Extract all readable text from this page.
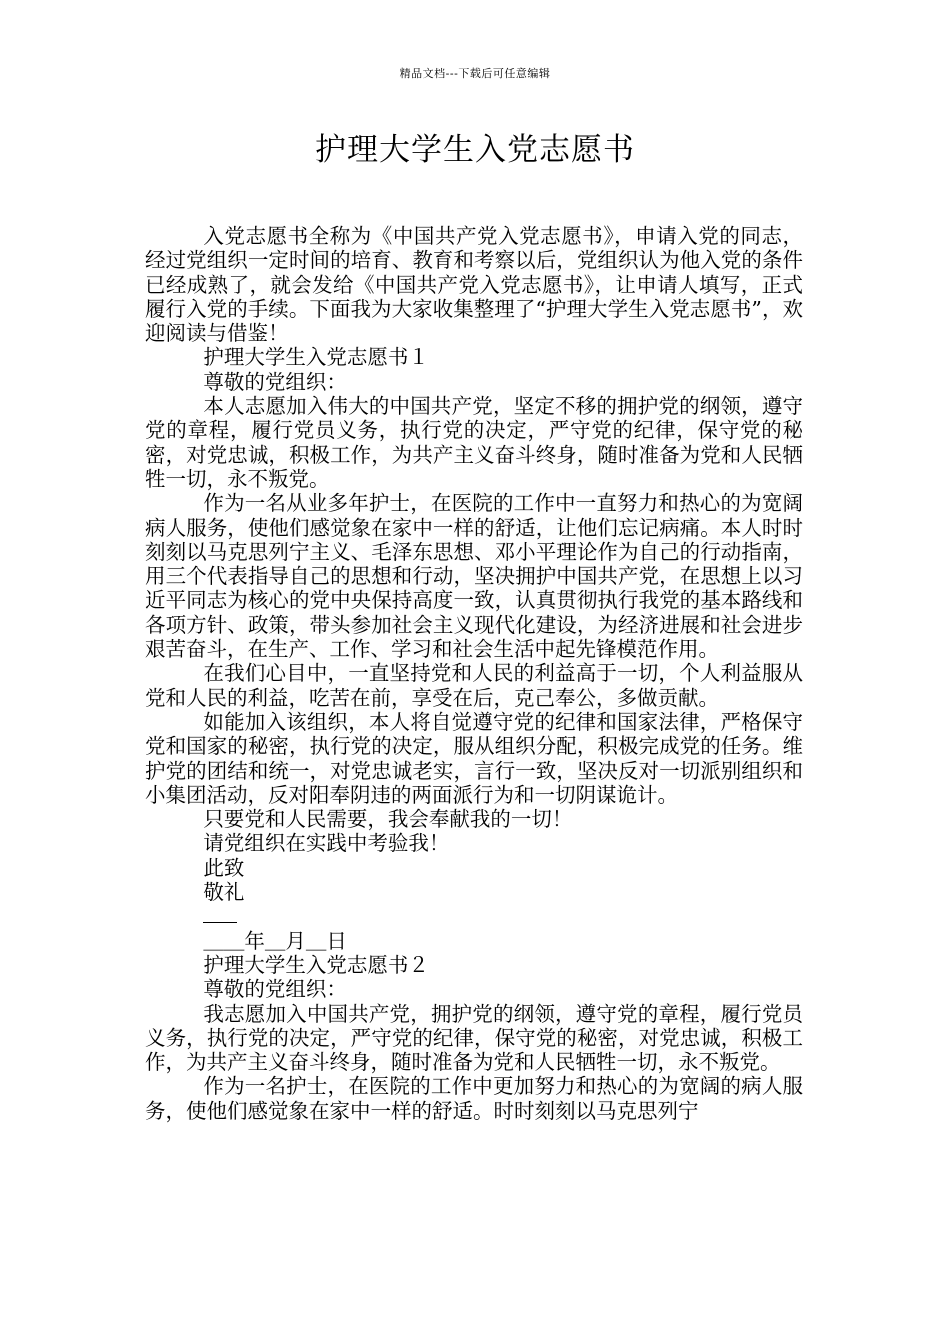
精品文档---下载后可任意编辑
护理大学生入党志愿书

入党志愿书全称为《中国共产党入党志愿书》，申请入党的同志，经过党组织一定时间的培育、教育和考察以后，党组织认为他入党的条件已经成熟了，就会发给《中国共产党入党志愿书》，让申请人填写，正式履行入党的手续。下面我为大家收集整理了“护理大学生入党志愿书”，欢迎阅读与借鉴！

护理大学生入党志愿书１

尊敬的党组织：

本人志愿加入伟大的中国共产党，坚定不移的拥护党的纲领，遵守党的章程，履行党员义务，执行党的决定，严守党的纪律，保守党的秘密，对党忠诚，积极工作，为共产主义奋斗终身，随时准备为党和人民牺牲一切，永不叛党。

作为一名从业多年护士，在医院的工作中一直努力和热心的为宽阔病人服务，使他们感觉象在家中一样的舒适，让他们忘记病痛。本人时时刻刻以马克思列宁主义、毛泽东思想、邓小平理论作为自己的行动指南，用三个代表指导自己的思想和行动，坚决拥护中国共产党，在思想上以习近平同志为核心的党中央保持高度一致，认真贯彻执行我党的基本路线和各项方针、政策，带头参加社会主义现代化建设，为经济进展和社会进步艰苦奋斗，在生产、工作、学习和社会生活中起先锋模范作用。

在我们心目中，一直坚持党和人民的利益高于一切，个人利益服从党和人民的利益，吃苦在前，享受在后，克己奉公，多做贡献。

如能加入该组织，本人将自觉遵守党的纪律和国家法律，严格保守党和国家的秘密，执行党的决定，服从组织分配，积极完成党的任务。维护党的团结和统一，对党忠诚老实，言行一致，坚决反对一切派别组织和小集团活动，反对阳奉阴违的两面派行为和一切阴谋诡计。

只要党和人民需要，我会奉献我的一切！

请党组织在实践中考验我！

此致

敬礼

＿＿年＿月＿日

护理大学生入党志愿书２

尊敬的党组织：

我志愿加入中国共产党，拥护党的纲领，遵守党的章程，履行党员义务，执行党的决定，严守党的纪律，保守党的秘密，对党忠诚，积极工作，为共产主义奋斗终身，随时准备为党和人民牺牲一切，永不叛党。

作为一名护士，在医院的工作中更加努力和热心的为宽阔的病人服务，使他们感觉象在家中一样的舒适。时时刻刻以马克思列宁
